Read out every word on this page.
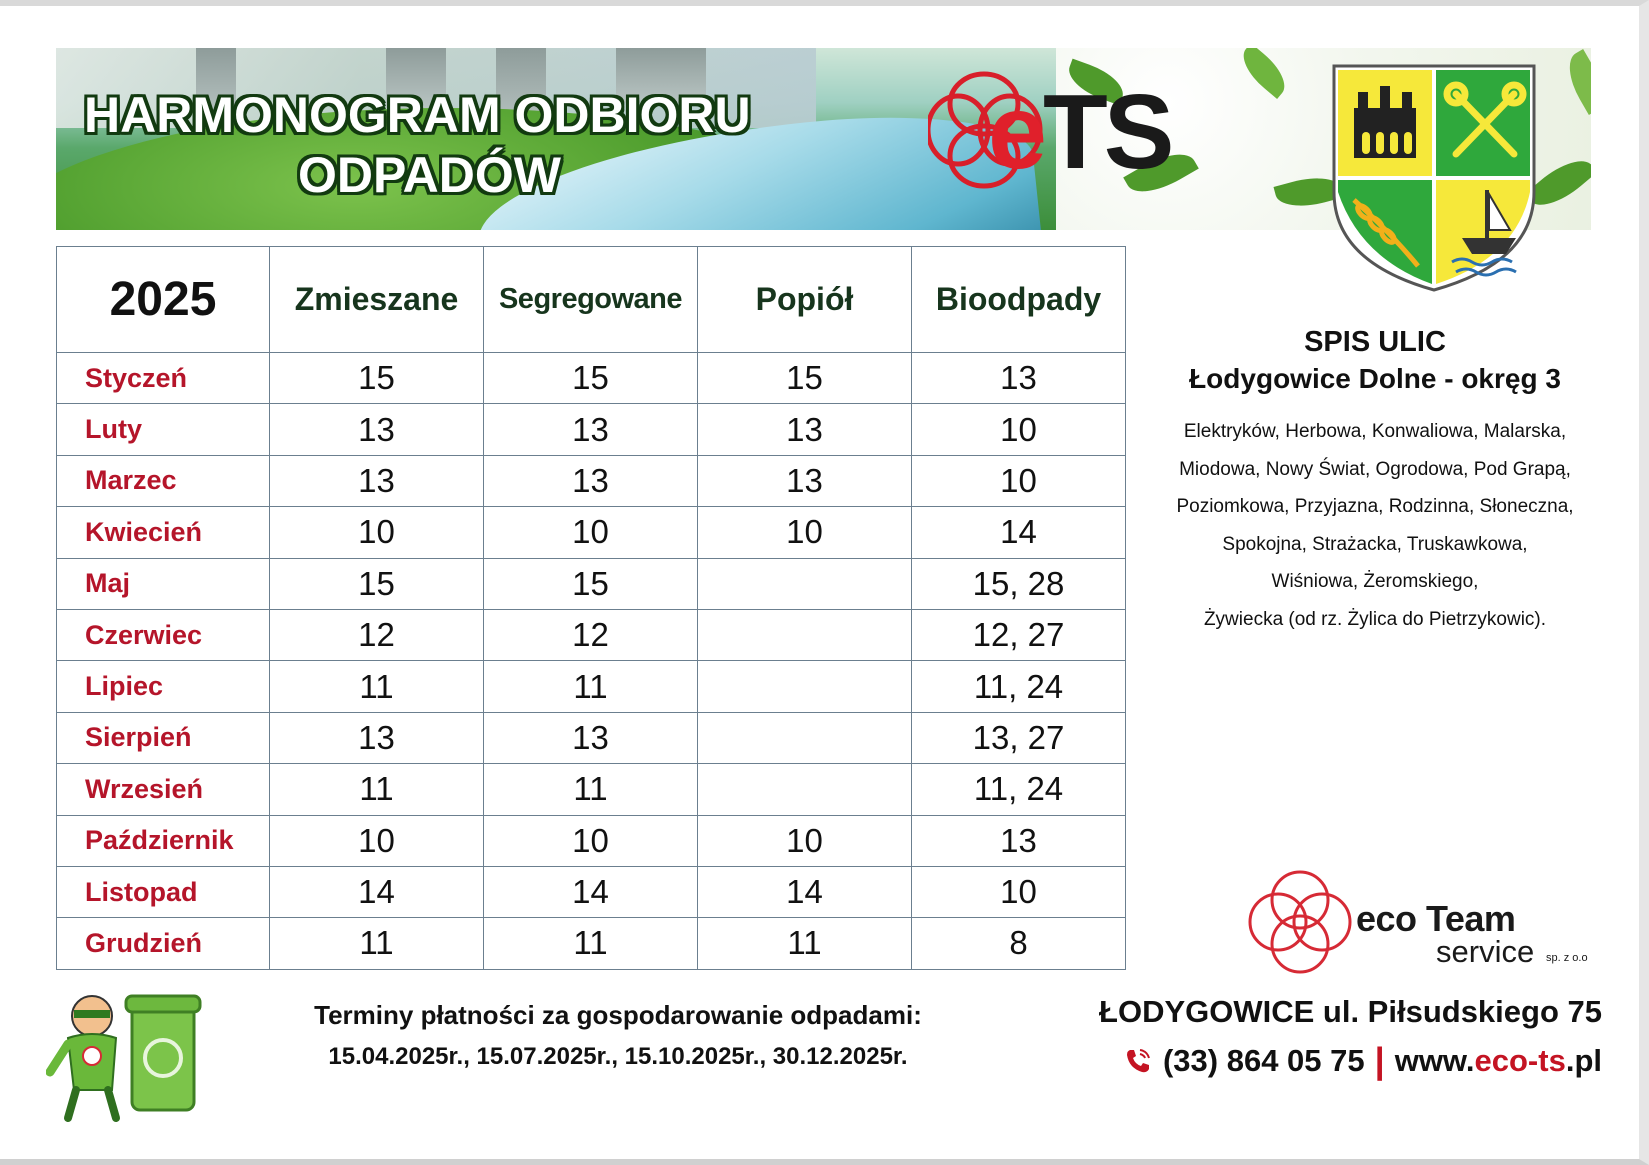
HARMONOGRAM ODBIORU
ODPADÓW	eTS
2025	Zmieszane	Segregowane	Popiół	Bioodpady
Styczeń	15	15	15	13
Luty	13	13	13	10
Marzec	13	13	13	10
Kwiecień	10	10	10	14
Maj	15	15		15, 28
Czerwiec	12	12		12, 27
Lipiec	11	11		11, 24
Sierpień	13	13		13, 27
Wrzesień	11	11		11, 24
Październik	10	10	10	13
Listopad	14	14	14	10
Grudzień	11	11	11	8
SPIS ULIC
Łodygowice Dolne - okręg 3
Elektryków, Herbowa, Konwaliowa, Malarska,
Miodowa, Nowy Świat, Ogrodowa, Pod Grapą,
Poziomkowa, Przyjazna, Rodzinna, Słoneczna,
Spokojna, Strażacka, Truskawkowa,
Wiśniowa, Żeromskiego,
Żywiecka (od rz. Żylica do Pietrzykowic).
eco Team
service sp. z o.o
Terminy płatności za gospodarowanie odpadami:
15.04.2025r., 15.07.2025r., 15.10.2025r., 30.12.2025r.
ŁODYGOWICE ul. Piłsudskiego 75
(33) 864 05 75 | www.eco-ts.pl
